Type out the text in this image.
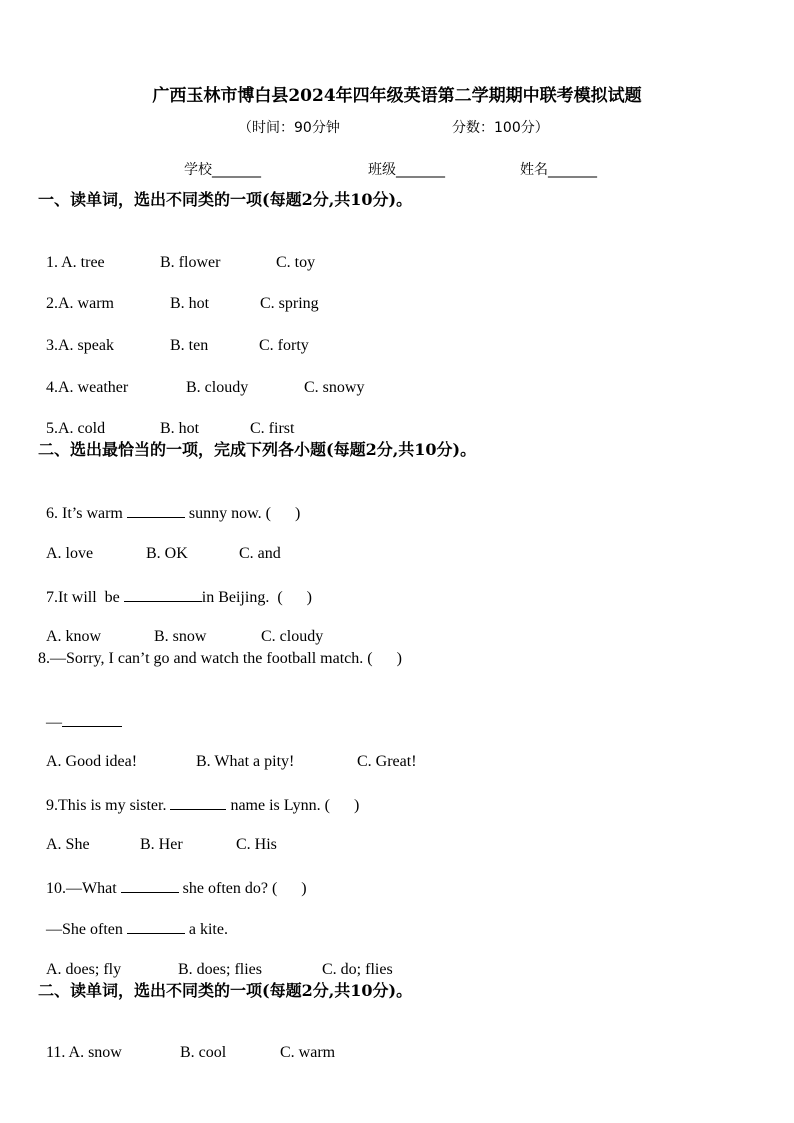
广西玉林市博白县2024年四年级英语第二学期期中联考模拟试题
（时间：90分钟	分数：100分）
学校_______	班级_______	姓名_______
一、读单词，选出不同类的一项(每题2分,共10分)。

1. A. tree	B. flower	C. toy

2.A. warm	B. hot	C. spring

3.A. speak	B. ten	C. forty

4.A. weather	B. cloudy	C. snowy

5.A. cold	B. hot	C. first

二、选出最恰当的一项，完成下列各小题(每题2分,共10分)。

6. It’s warm	sunny now. (      )

A. love	B. OK	C. and

7.It will  be	in Beijing.  (      )

A. know	B. snow	C. cloudy

8.—Sorry, I can’t go and watch the football match. (      )

—

A. Good idea!	B. What a pity!	C. Great!

9.This is my sister.	name is Lynn. (      )

A. She	B. Her	C. His

10.—What	she often do? (      )

—She often	a kite.

A. does; fly	B. does; flies	C. do; flies

二、读单词，选出不同类的一项(每题2分,共10分)。

11. A. snow	B. cool	C. warm
